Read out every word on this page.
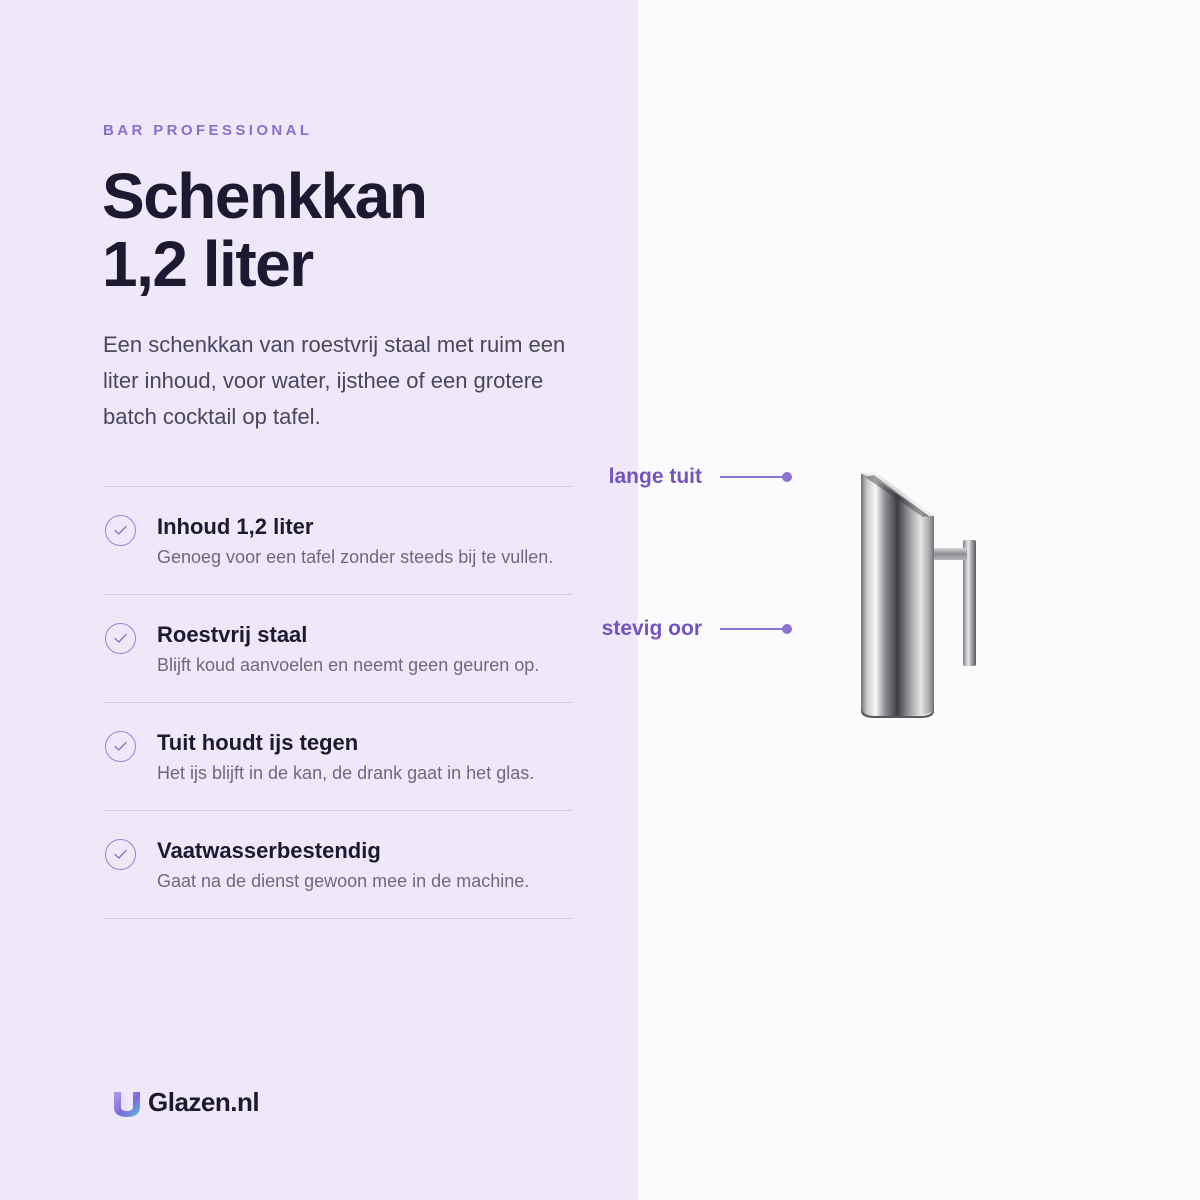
BAR PROFESSIONAL
Schenkkan
1,2 liter

Een schenkkan van roestvrij staal met ruim een liter inhoud, voor water, ijsthee of een grotere batch cocktail op tafel.

Inhoud 1,2 liter
Genoeg voor een tafel zonder steeds bij te vullen.
Roestvrij staal
Blijft koud aanvoelen en neemt geen geuren op.
Tuit houdt ijs tegen
Het ijs blijft in de kan, de drank gaat in het glas.
Vaatwasserbestendig
Gaat na de dienst gewoon mee in de machine.
Glazen.nl
lange tuit
stevig oor
